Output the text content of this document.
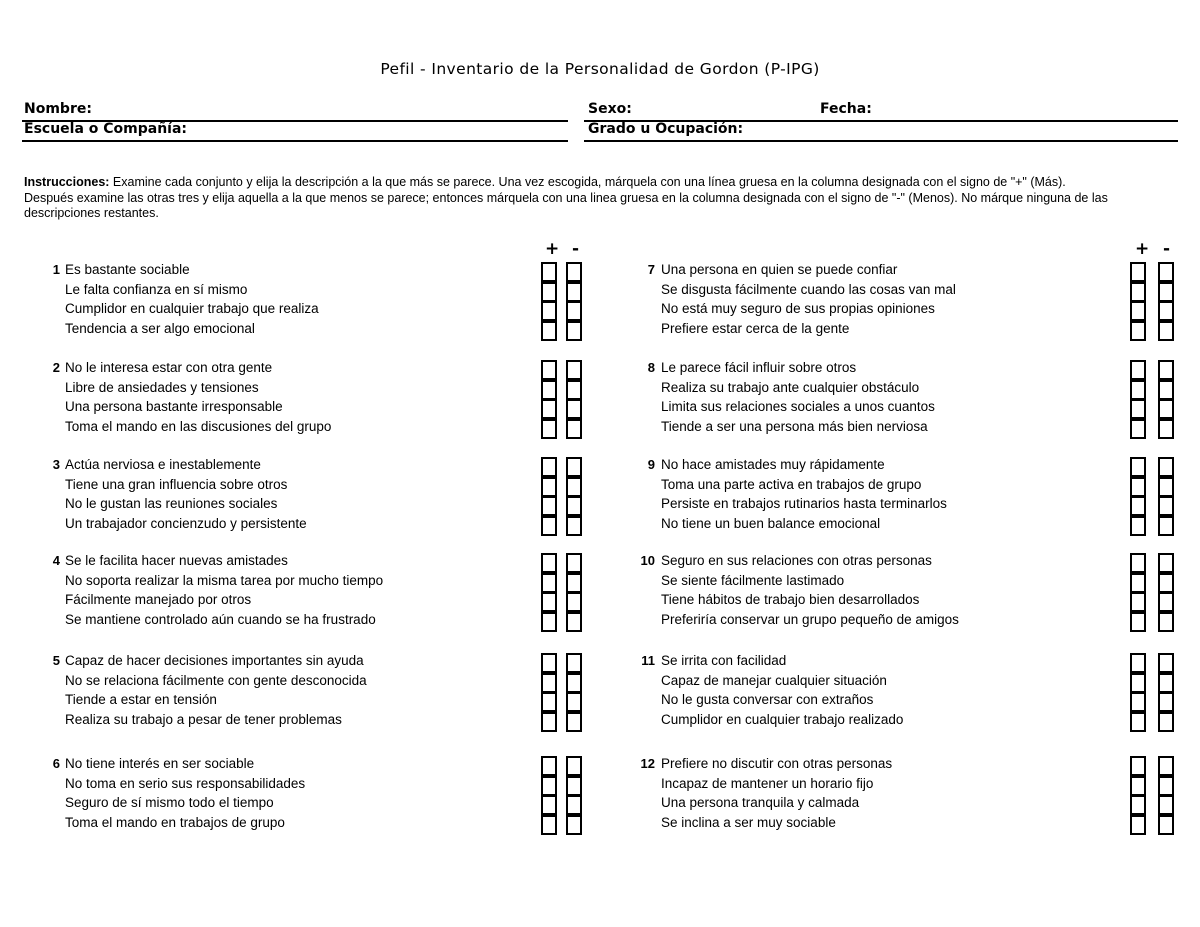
Pefil - Inventario de la Personalidad de Gordon (P-IPG)
Nombre:	Sexo:	Fecha:
Escuela o Compañía:	Grado u Ocupación:

Instrucciones: Examine cada conjunto y elija la descripción a la que más se parece. Una vez escogida, márquela con una línea gruesa en la columna designada con el signo de "+" (Más).

Después examine las otras tres y elija aquella a la que menos se parece; entonces márquela con una linea gruesa en la columna designada con el signo de "-" (Menos). No márque ninguna de las descripciones restantes.

+ -	+ -
1 Es bastante sociable
Le falta confianza en sí mismo
Cumplidor en cualquier trabajo que realiza
Tendencia a ser algo emocional
2 No le interesa estar con otra gente
Libre de ansiedades y tensiones
Una persona bastante irresponsable
Toma el mando en las discusiones del grupo
3 Actúa nerviosa e inestablemente
Tiene una gran influencia sobre otros
No le gustan las reuniones sociales
Un trabajador concienzudo y persistente
4 Se le facilita hacer nuevas amistades
No soporta realizar la misma tarea por mucho tiempo
Fácilmente manejado por otros
Se mantiene controlado aún cuando se ha frustrado
5 Capaz de hacer decisiones importantes sin ayuda
No se relaciona fácilmente con gente desconocida
Tiende a estar en tensión
Realiza su trabajo a pesar de tener problemas
6 No tiene interés en ser sociable
No toma en serio sus responsabilidades
Seguro de sí mismo todo el tiempo
Toma el mando en trabajos de grupo
7 Una persona en quien se puede confiar
Se disgusta fácilmente cuando las cosas van mal
No está muy seguro de sus propias opiniones
Prefiere estar cerca de la gente
8 Le parece fácil influir sobre otros
Realiza su trabajo ante cualquier obstáculo
Limita sus relaciones sociales a unos cuantos
Tiende a ser una persona más bien nerviosa
9 No hace amistades muy rápidamente
Toma una parte activa en trabajos de grupo
Persiste en trabajos rutinarios hasta terminarlos
No tiene un buen balance emocional
10 Seguro en sus relaciones con otras personas
Se siente fácilmente lastimado
Tiene hábitos de trabajo bien desarrollados
Preferiría conservar un grupo pequeño de amigos
11 Se irrita con facilidad
Capaz de manejar cualquier situación
No le gusta conversar con extraños
Cumplidor en cualquier trabajo realizado
12 Prefiere no discutir con otras personas
Incapaz de mantener un horario fijo
Una persona tranquila y calmada
Se inclina a ser muy sociable
